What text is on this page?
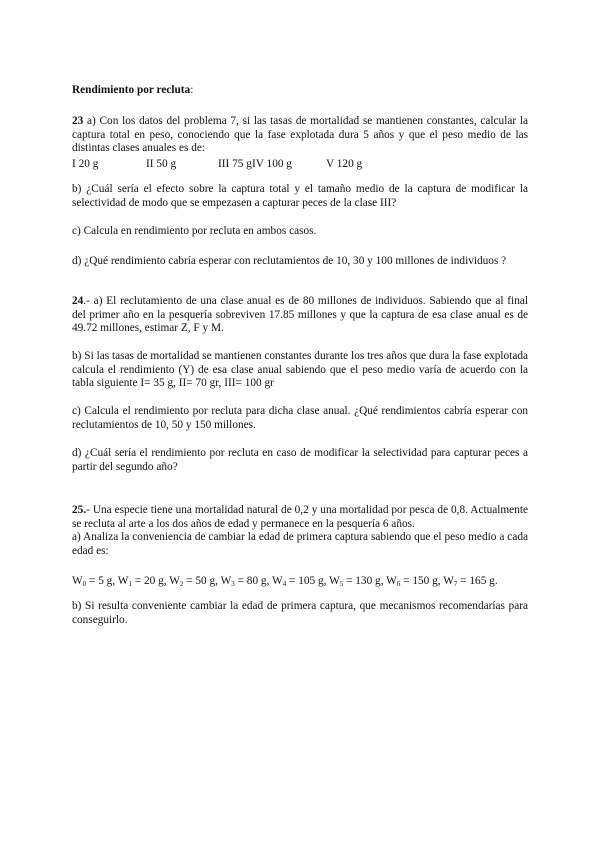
Rendimiento por recluta:
23 a) Con los datos del problema 7, si las tasas de mortalidad se mantienen constantes, calcular la captura total en peso, conociendo que la fase explotada dura 5 años y que el peso medio de las distintas clases anuales es de:
I 20 g	II 50 g	III 75 gIV 100 g	V 120 g
b) ¿Cuál sería el efecto sobre la captura total y el tamaño medio de la captura de modificar la selectividad de modo que se empezasen a capturar peces de la clase III?
c) Calcula en rendimiento por recluta en ambos casos.
d) ¿Qué rendimiento cabría esperar con reclutamientos de 10, 30 y 100 millones de individuos ?
24.- a) El reclutamiento de una clase anual es de 80 millones de individuos. Sabiendo que al final del primer año en la pesquería sobreviven 17.85 millones y que la captura de esa clase anual es de 49.72 millones, estimar Z, F y M.
b) Si las tasas de mortalidad se mantienen constantes durante los tres años que dura la fase explotada calcula el rendimiento (Y) de esa clase anual sabiendo que el peso medio varía de acuerdo con la tabla siguiente I= 35 g, II= 70 gr, III= 100 gr
c) Calcula el rendimiento por recluta para dicha clase anual. ¿Qué rendimientos cabría esperar con reclutamientos de 10, 50 y 150 millones.
d) ¿Cuál sería el rendimiento por recluta en caso de modificar la selectividad para capturar peces a partir del segundo año?
25.- Una especie tiene una mortalidad natural de 0,2 y una mortalidad por pesca de 0,8. Actualmente se recluta al arte a los dos años de edad y permanece en la pesquería 6 años.
a) Analiza la conveniencia de cambiar la edad de primera captura sabiendo que el peso medio a cada edad es:
$W_0 = 5$ g, $W_1 = 20$ g, $W_2 = 50$ g, $W_3 = 80$ g, $W_4 = 105$ g, $W_5 = 130$ g, $W_6 = 150$ g, $W_7 = 165$ g.
b) Si resulta conveniente cambiar la edad de primera captura, que mecanismos recomendarías para conseguirlo.
